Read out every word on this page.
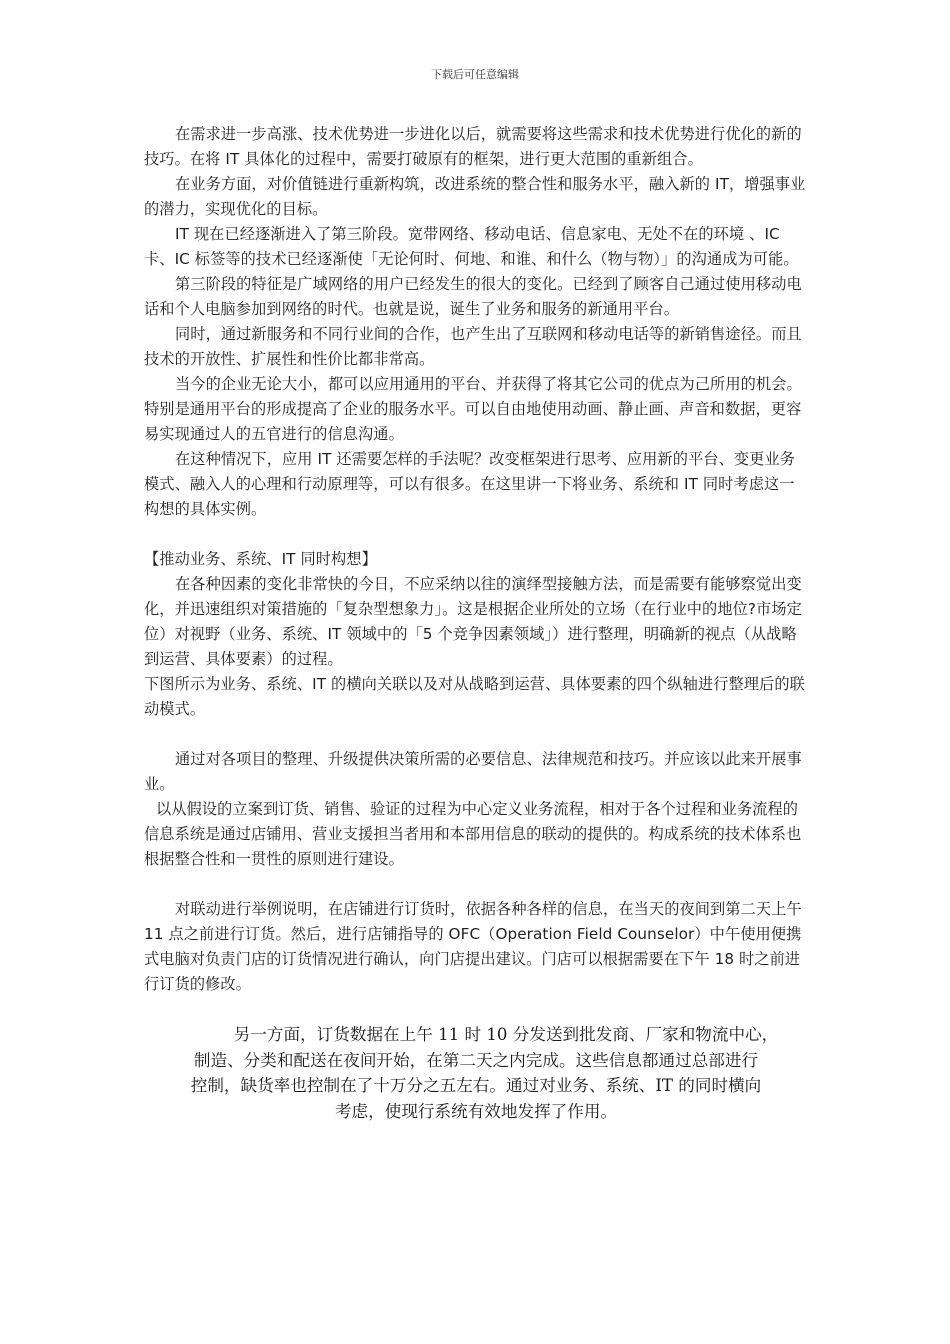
下载后可任意编辑

在需求进一步高涨、技术优势进一步进化以后，就需要将这些需求和技术优势进行优化的新的技巧。在将 IT 具体化的过程中，需要打破原有的框架，进行更大范围的重新组合。

在业务方面，对价值链进行重新构筑，改进系统的整合性和服务水平，融入新的 IT，增强事业的潜力，实现优化的目标。

IT 现在已经逐渐进入了第三阶段。宽带网络、移动电话、信息家电、无处不在的环境 、IC 卡、IC 标签等的技术已经逐渐使「无论何时、何地、和谁、和什么（物与物）」的沟通成为可能。

第三阶段的特征是广域网络的用户已经发生的很大的变化。已经到了顾客自己通过使用移动电话和个人电脑参加到网络的时代。也就是说，诞生了业务和服务的新通用平台。

同时，通过新服务和不同行业间的合作，也产生出了互联网和移动电话等的新销售途径。而且技术的开放性、扩展性和性价比都非常高。

当今的企业无论大小，都可以应用通用的平台、并获得了将其它公司的优点为己所用的机会。特别是通用平台的形成提高了企业的服务水平。可以自由地使用动画、静止画、声音和数据，更容易实现通过人的五官进行的信息沟通。

在这种情况下，应用 IT 还需要怎样的手法呢？改变框架进行思考、应用新的平台、变更业务模式、融入人的心理和行动原理等，可以有很多。在这里讲一下将业务、系统和 IT 同时考虑这一构想的具体实例。

【推动业务、系统、IT 同时构想】

在各种因素的变化非常快的今日，不应采纳以往的演绎型接触方法，而是需要有能够察觉出变化，并迅速组织对策措施的「复杂型想象力」。这是根据企业所处的立场（在行业中的地位?市场定位）对视野（业务、系统、IT 领域中的「5 个竞争因素领域」）进行整理，明确新的视点（从战略到运营、具体要素）的过程。

下图所示为业务、系统、IT 的横向关联以及对从战略到运营、具体要素的四个纵轴进行整理后的联动模式。

通过对各项目的整理、升级提供决策所需的必要信息、法律规范和技巧。并应该以此来开展事业。

以从假设的立案到订货、销售、验证的过程为中心定义业务流程，相对于各个过程和业务流程的信息系统是通过店铺用、营业支援担当者用和本部用信息的联动的提供的。构成系统的技术体系也根据整合性和一贯性的原则进行建设。

对联动进行举例说明，在店铺进行订货时，依据各种各样的信息，在当天的夜间到第二天上午 11 点之前进行订货。然后，进行店铺指导的 OFC（Operation Field Counselor）中午使用便携式电脑对负责门店的订货情况进行确认，向门店提出建议。门店可以根据需要在下午 18 时之前进行订货的修改。

另一方面，订货数据在上午 11 时 10 分发送到批发商、厂家和物流中心，
制造、分类和配送在夜间开始，在第二天之内完成。这些信息都通过总部进行
控制，缺货率也控制在了十万分之五左右。通过对业务、系统、IT 的同时横向
考虑，使现行系统有效地发挥了作用。
